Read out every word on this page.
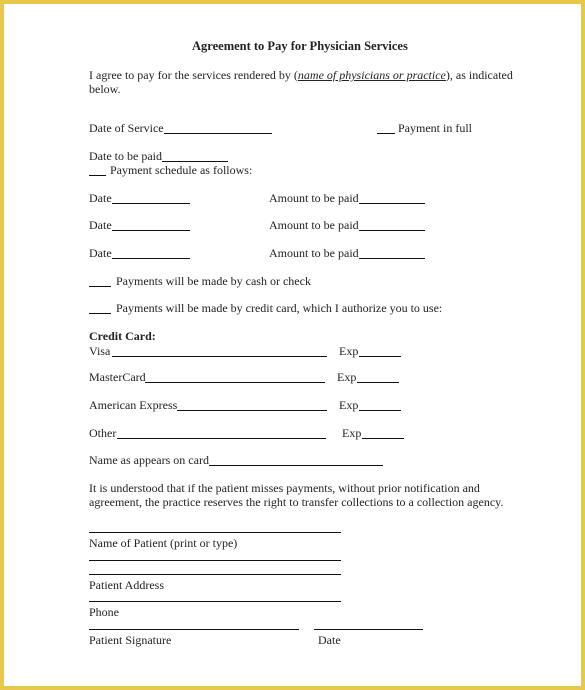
Agreement to Pay for Physician Services
I agree to pay for the services rendered by (name of physicians or practice), as indicated
below.
Date of Service	Payment in full
Date to be paid
Payment schedule as follows:
Date	Amount to be paid
Date	Amount to be paid
Date	Amount to be paid
Payments will be made by cash or check
Payments will be made by credit card, which I authorize you to use:
Credit Card:
Visa	Exp
MasterCard	Exp
American Express	Exp
Other	Exp
Name as appears on card
It is understood that if the patient misses payments, without prior notification and
agreement, the practice reserves the right to transfer collections to a collection agency.
Name of Patient (print or type)
Patient Address
Phone
Patient Signature	Date
